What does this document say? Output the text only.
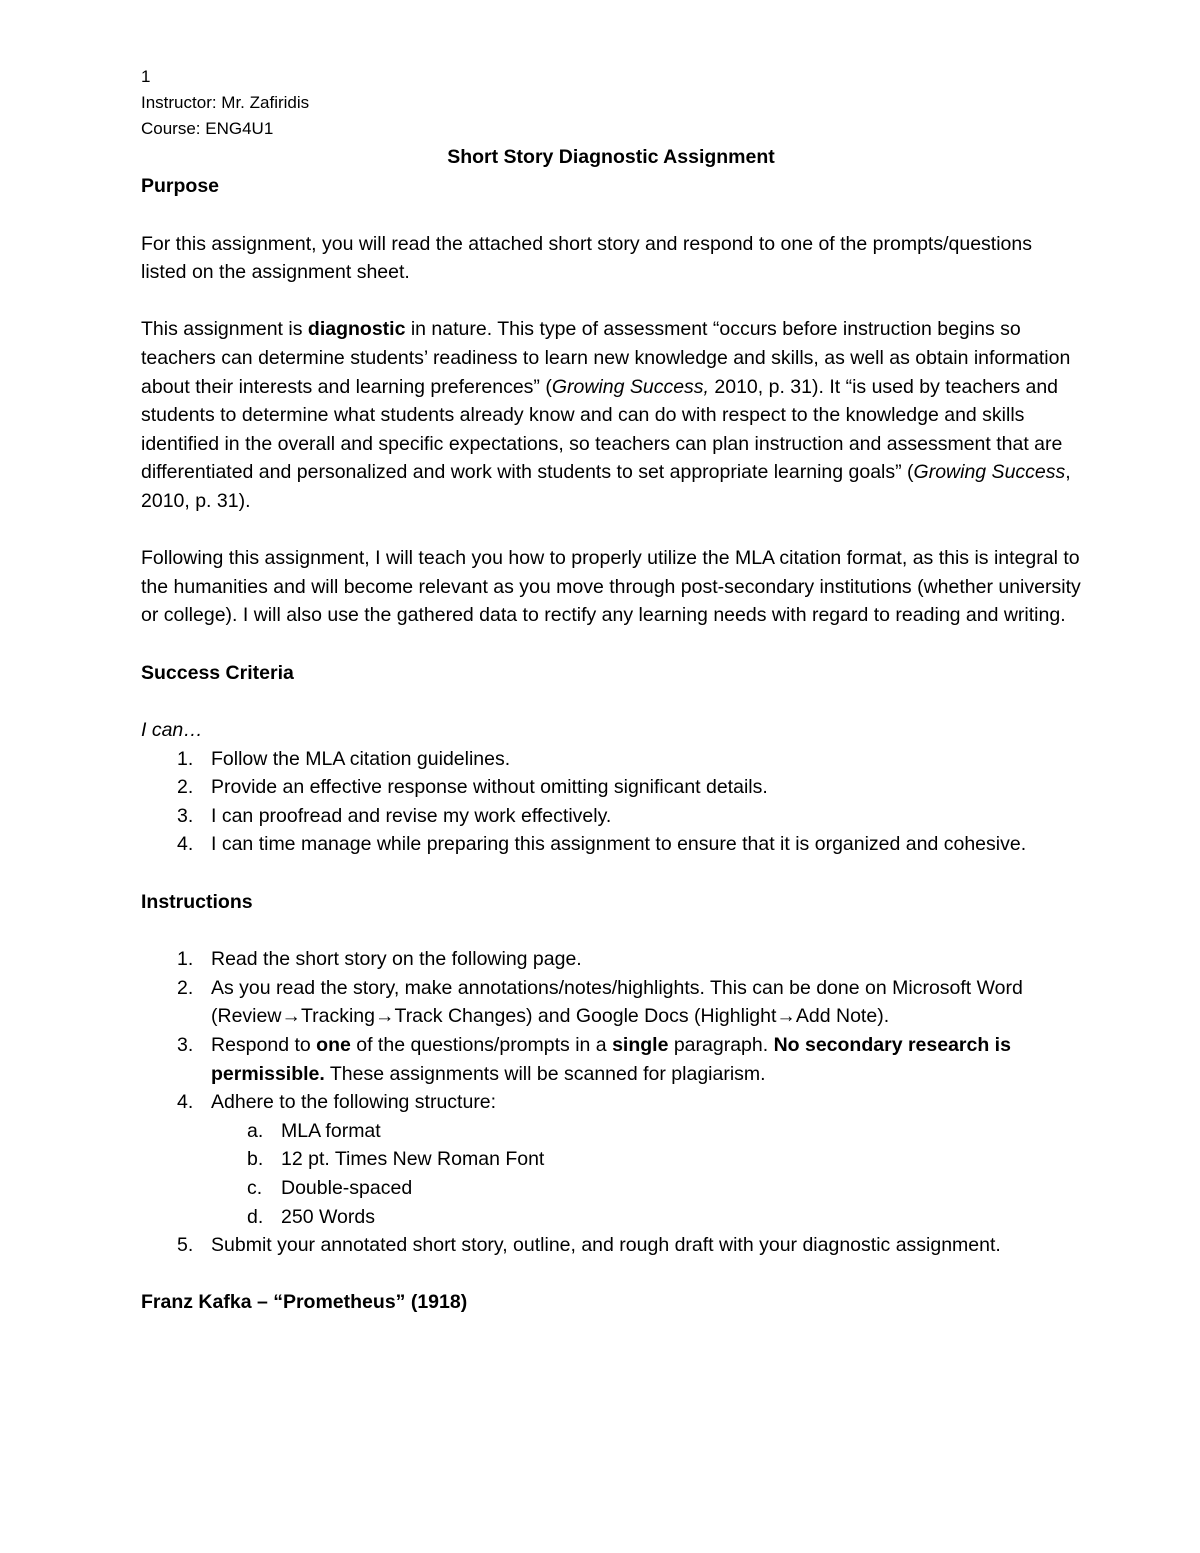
1
Instructor: Mr. Zafiridis
Course: ENG4U1
Short Story Diagnostic Assignment
Purpose

For this assignment, you will read the attached short story and respond to one of the prompts/questions listed on the assignment sheet.

This assignment is diagnostic in nature. This type of assessment “occurs before instruction begins so teachers can determine students’ readiness to learn new knowledge and skills, as well as obtain information about their interests and learning preferences” (Growing Success, 2010, p. 31). It “is used by teachers and students to determine what students already know and can do with respect to the knowledge and skills identified in the overall and specific expectations, so teachers can plan instruction and assessment that are differentiated and personalized and work with students to set appropriate learning goals” (Growing Success, 2010, p. 31).

Following this assignment, I will teach you how to properly utilize the MLA citation format, as this is integral to the humanities and will become relevant as you move through post-secondary institutions (whether university or college). I will also use the gathered data to rectify any learning needs with regard to reading and writing.

Success Criteria

I can…

1. Follow the MLA citation guidelines.
2. Provide an effective response without omitting significant details.
3. I can proofread and revise my work effectively.
4. I can time manage while preparing this assignment to ensure that it is organized and cohesive.
Instructions
1. Read the short story on the following page.
2. As you read the story, make annotations/notes/highlights. This can be done on Microsoft Word (Review→Tracking→Track Changes) and Google Docs (Highlight→Add Note).
3. Respond to one of the questions/prompts in a single paragraph. No secondary research is permissible. These assignments will be scanned for plagiarism.
4. Adhere to the following structure:
a. MLA format
b. 12 pt. Times New Roman Font
c. Double-spaced
d. 250 Words
5. Submit your annotated short story, outline, and rough draft with your diagnostic assignment.
Franz Kafka – “Prometheus” (1918)
